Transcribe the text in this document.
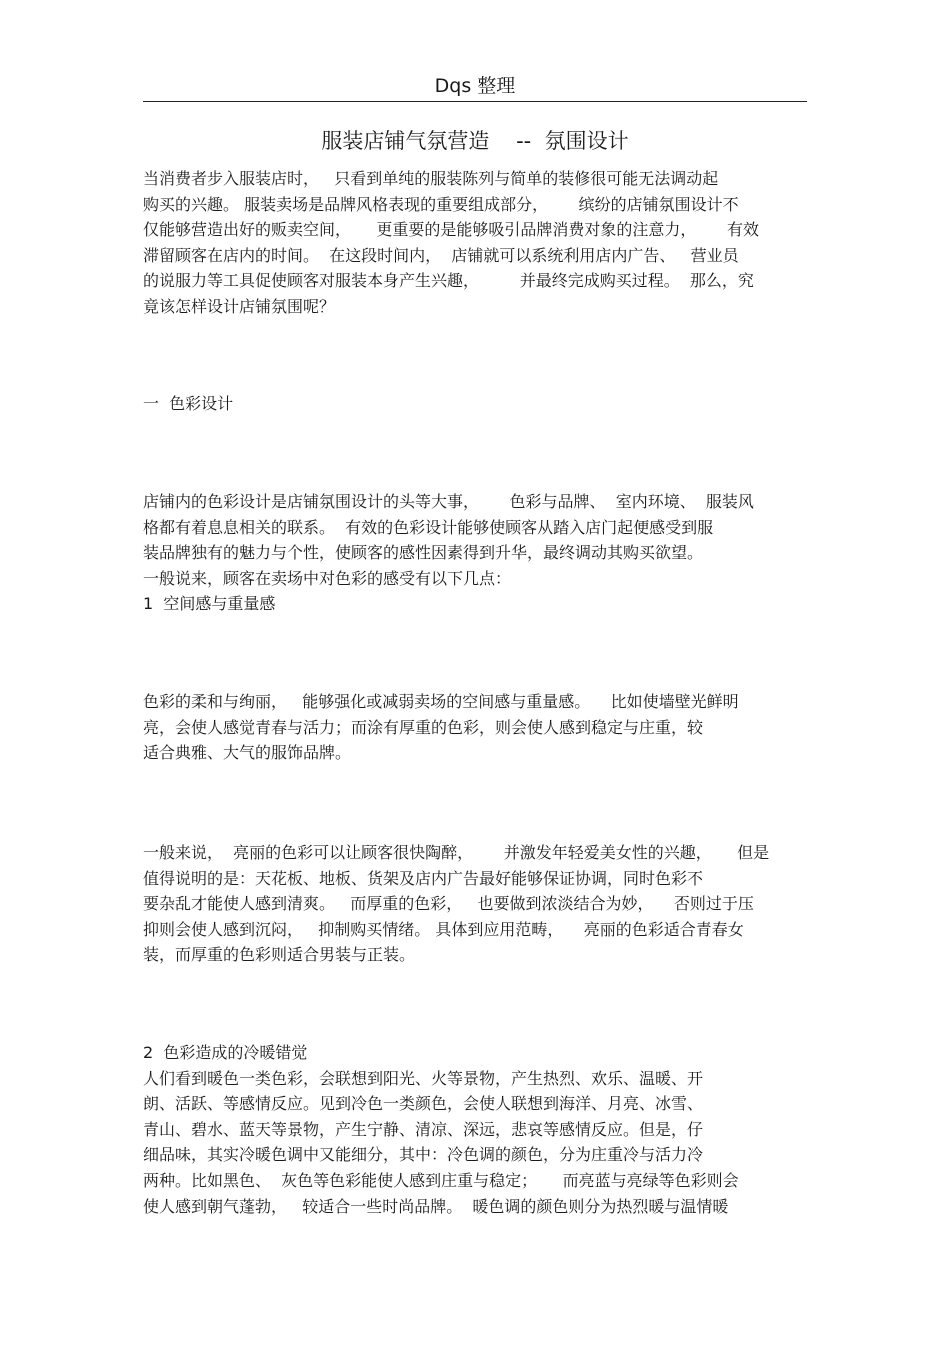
Dqs 整理
服装店铺气氛营造    --  氛围设计
当消费者步入服装店时，   只看到单纯的服装陈列与简单的装修很可能无法调动起
购买的兴趣。 服装卖场是品牌风格表现的重要组成部分，      缤纷的店铺氛围设计不
仅能够营造出好的贩卖空间，     更重要的是能够吸引品牌消费对象的注意力，      有效
滞留顾客在店内的时间。  在这段时间内，  店铺就可以系统利用店内广告、   营业员
的说服力等工具促使顾客对服装本身产生兴趣，        并最终完成购买过程。  那么，究
竟该怎样设计店铺氛围呢？
一  色彩设计
店铺内的色彩设计是店铺氛围设计的头等大事，      色彩与品牌、  室内环境、  服装风
格都有着息息相关的联系。  有效的色彩设计能够使顾客从踏入店门起便感受到服
装品牌独有的魅力与个性，使顾客的感性因素得到升华，最终调动其购买欲望。
一般说来，顾客在卖场中对色彩的感受有以下几点：
1  空间感与重量感
色彩的柔和与绚丽，   能够强化或减弱卖场的空间感与重量感。    比如使墙壁光鲜明
亮，会使人感觉青春与活力；而涂有厚重的色彩，则会使人感到稳定与庄重，较
适合典雅、大气的服饰品牌。
一般来说，  亮丽的色彩可以让顾客很快陶醉，      并激发年轻爱美女性的兴趣，     但是
值得说明的是：天花板、地板、货架及店内广告最好能够保证协调，同时色彩不
要杂乱才能使人感到清爽。   而厚重的色彩，   也要做到浓淡结合为妙，    否则过于压
抑则会使人感到沉闷，   抑制购买情绪。 具体到应用范畴，    亮丽的色彩适合青春女
装，而厚重的色彩则适合男装与正装。
2  色彩造成的冷暖错觉
人们看到暖色一类色彩，会联想到阳光、火等景物，产生热烈、欢乐、温暖、开
朗、活跃、等感情反应。见到冷色一类颜色，会使人联想到海洋、月亮、冰雪、
青山、碧水、蓝天等景物，产生宁静、清凉、深远，悲哀等感情反应。但是，仔
细品味，其实冷暖色调中又能细分，其中：冷色调的颜色，分为庄重冷与活力冷
两种。比如黑色、  灰色等色彩能使人感到庄重与稳定；     而亮蓝与亮绿等色彩则会
使人感到朝气蓬勃，   较适合一些时尚品牌。  暖色调的颜色则分为热烈暖与温情暖
